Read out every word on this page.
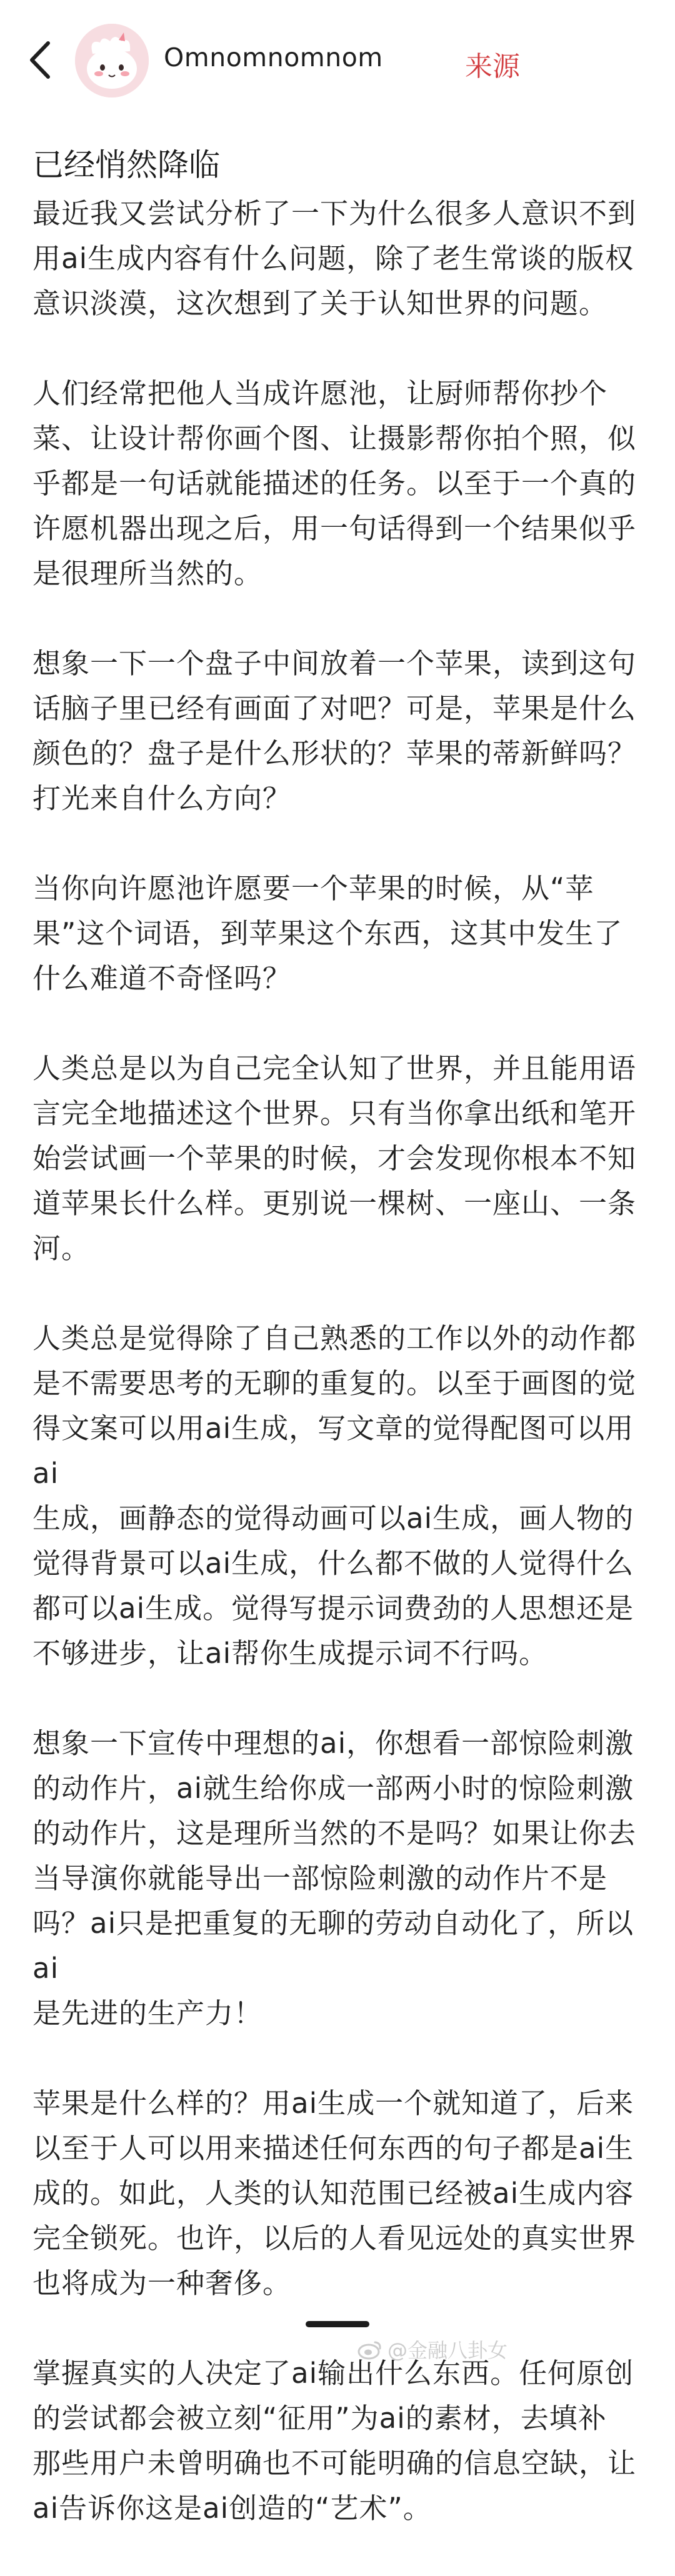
Omnomnomnom	来源
已经悄然降临
最近我又尝试分析了一下为什么很多人意识不到
用ai生成内容有什么问题，除了老生常谈的版权
意识淡漠，这次想到了关于认知世界的问题。
人们经常把他人当成许愿池，让厨师帮你抄个
菜、让设计帮你画个图、让摄影帮你拍个照，似
乎都是一句话就能描述的任务。以至于一个真的
许愿机器出现之后，用一句话得到一个结果似乎
是很理所当然的。
想象一下一个盘子中间放着一个苹果，读到这句
话脑子里已经有画面了对吧？可是，苹果是什么
颜色的？盘子是什么形状的？苹果的蒂新鲜吗？
打光来自什么方向？
当你向许愿池许愿要一个苹果的时候，从“苹
果”这个词语，到苹果这个东西，这其中发生了
什么难道不奇怪吗？
人类总是以为自己完全认知了世界，并且能用语
言完全地描述这个世界。只有当你拿出纸和笔开
始尝试画一个苹果的时候，才会发现你根本不知
道苹果长什么样。更别说一棵树、一座山、一条
河。
人类总是觉得除了自己熟悉的工作以外的动作都
是不需要思考的无聊的重复的。以至于画图的觉
得文案可以用ai生成，写文章的觉得配图可以用ai
生成，画静态的觉得动画可以ai生成，画人物的
觉得背景可以ai生成，什么都不做的人觉得什么
都可以ai生成。觉得写提示词费劲的人思想还是
不够进步，让ai帮你生成提示词不行吗。
想象一下宣传中理想的ai，你想看一部惊险刺激
的动作片，ai就生给你成一部两小时的惊险刺激
的动作片，这是理所当然的不是吗？如果让你去
当导演你就能导出一部惊险刺激的动作片不是
吗？ai只是把重复的无聊的劳动自动化了，所以ai
是先进的生产力！
苹果是什么样的？用ai生成一个就知道了，后来
以至于人可以用来描述任何东西的句子都是ai生
成的。如此，人类的认知范围已经被ai生成内容
完全锁死。也许，以后的人看见远处的真实世界
也将成为一种奢侈。
掌握真实的人决定了ai输出什么东西。任何原创
的尝试都会被立刻“征用”为ai的素材，去填补
那些用户未曾明确也不可能明确的信息空缺，让
ai告诉你这是ai创造的“艺术”。
@金融八卦女
